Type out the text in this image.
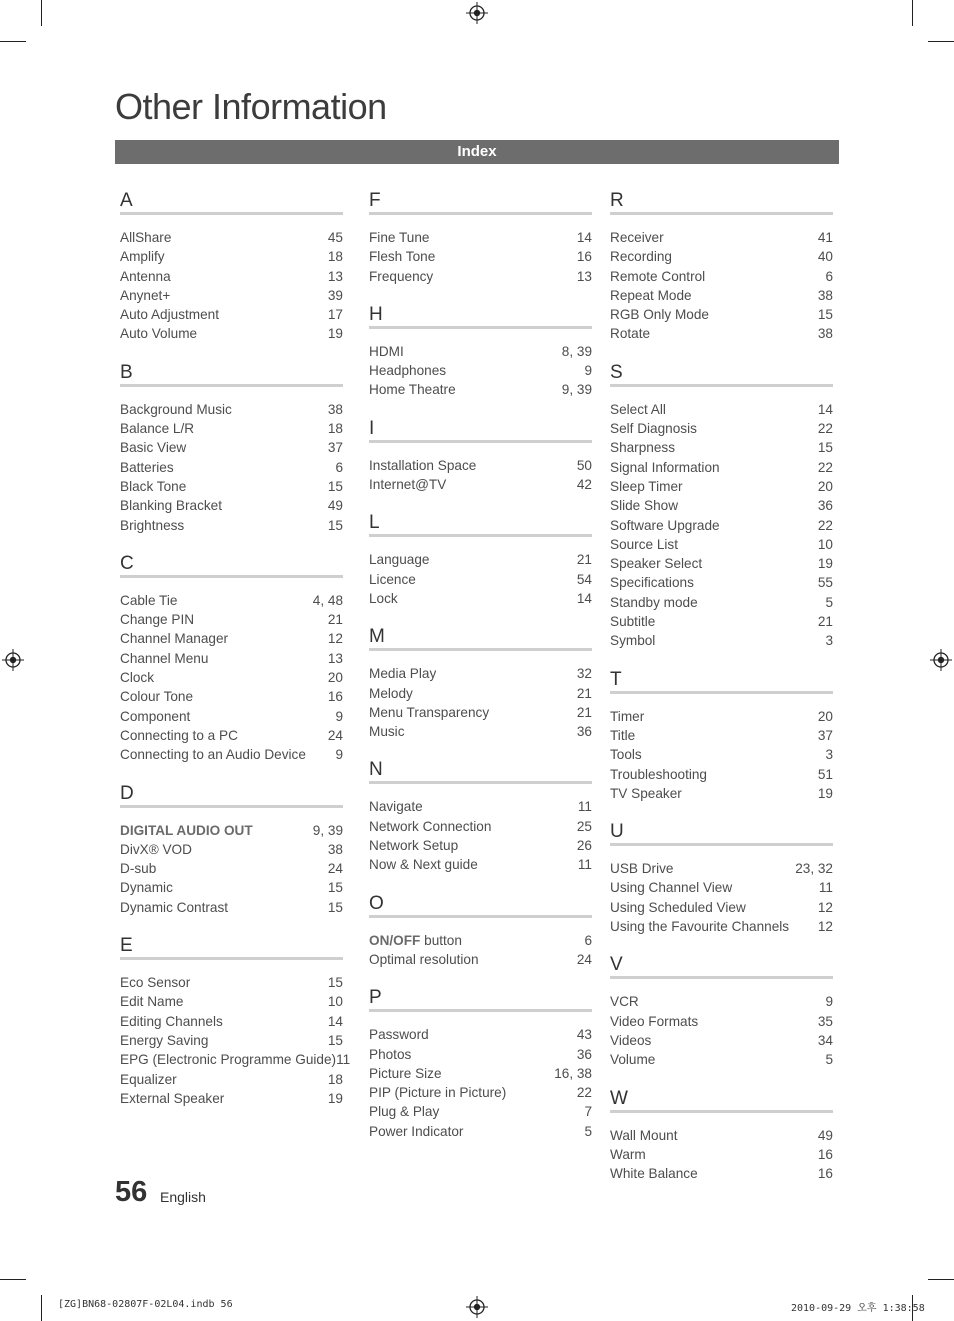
Other Information
Index
A
AllShare	45
Amplify	18
Antenna	13
Anynet+	39
Auto Adjustment	17
Auto Volume	19
B
Background Music	38
Balance L/R	18
Basic View	37
Batteries	6
Black Tone	15
Blanking Bracket	49
Brightness	15
C
Cable Tie	4, 48
Change PIN	21
Channel Manager	12
Channel Menu	13
Clock	20
Colour Tone	16
Component	9
Connecting to a PC	24
Connecting to an Audio Device 9
D
DIGITAL AUDIO OUT	9, 39
DivX® VOD	38
D-sub	24
Dynamic	15
Dynamic Contrast	15
E
Eco Sensor	15
Edit Name	10
Editing Channels	14
Energy Saving	15
EPG (Electronic Programme Guide) 11
Equalizer	18
External Speaker	19
F
Fine Tune	14
Flesh Tone	16
Frequency	13
H
HDMI	8, 39
Headphones	9
Home Theatre	9, 39
I
Installation Space	50
Internet@TV	42
L
Language	21
Licence	54
Lock	14
M
Media Play	32
Melody	21
Menu Transparency	21
Music	36
N
Navigate	11
Network Connection	25
Network Setup	26
Now & Next guide	11
O
ON/OFF button	6
Optimal resolution	24
P
Password	43
Photos	36
Picture Size	16, 38
PIP (Picture in Picture)	22
Plug & Play	7
Power Indicator	5
R
Receiver	41
Recording	40
Remote Control	6
Repeat Mode	38
RGB Only Mode	15
Rotate	38
S
Select All	14
Self Diagnosis	22
Sharpness	15
Signal Information	22
Sleep Timer	20
Slide Show	36
Software Upgrade	22
Source List	10
Speaker Select	19
Specifications	55
Standby mode	5
Subtitle	21
Symbol	3
T
Timer	20
Title	37
Tools	3
Troubleshooting	51
TV Speaker	19
U
USB Drive	23, 32
Using Channel View	11
Using Scheduled View	12
Using the Favourite Channels 12
V
VCR	9
Video Formats	35
Videos	34
Volume	5
W
Wall Mount	49
Warm	16
White Balance	16
56 English
[ZG]BN68-02807F-02L04.indb 56	2010-09-29 오후 1:38:58
